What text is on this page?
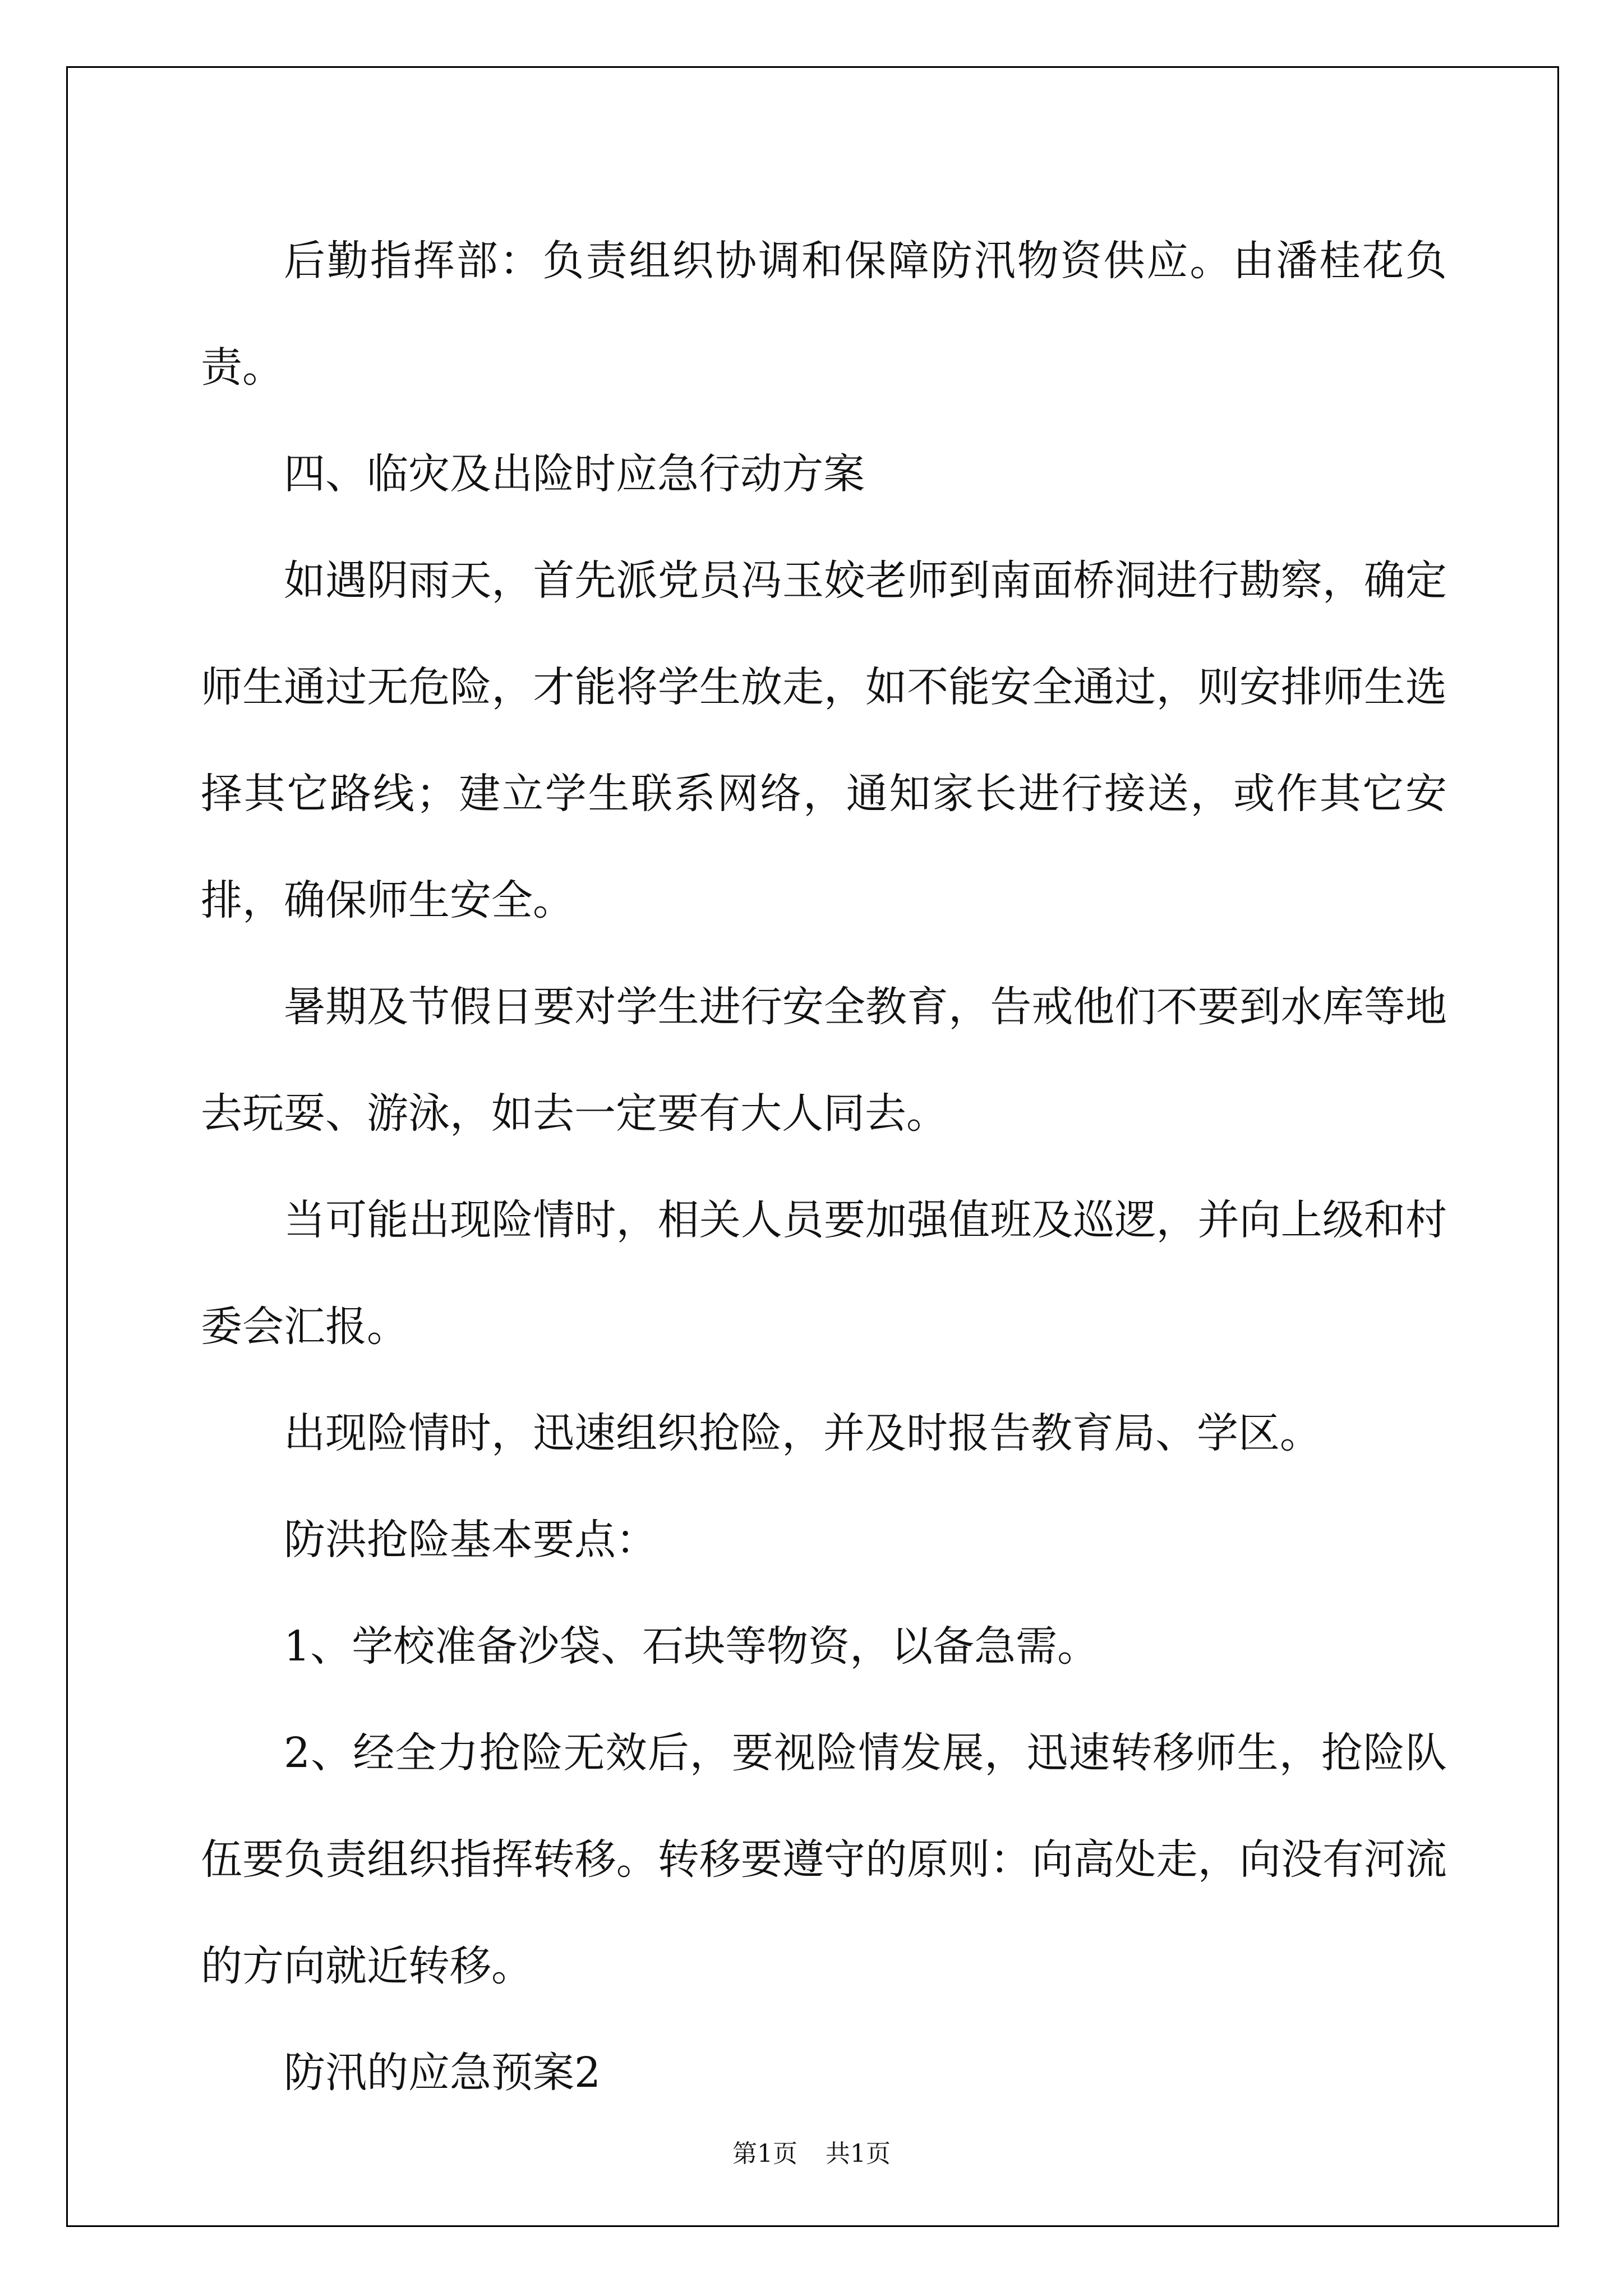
后勤指挥部：负责组织协调和保障防汛物资供应。由潘桂花负责。

四、临灾及出险时应急行动方案

如遇阴雨天，首先派党员冯玉姣老师到南面桥洞进行勘察，确定师生通过无危险，才能将学生放走，如不能安全通过，则安排师生选择其它路线；建立学生联系网络，通知家长进行接送，或作其它安排，确保师生安全。

暑期及节假日要对学生进行安全教育，告戒他们不要到水库等地去玩耍、游泳，如去一定要有大人同去。

当可能出现险情时，相关人员要加强值班及巡逻，并向上级和村委会汇报。

出现险情时，迅速组织抢险，并及时报告教育局、学区。

防洪抢险基本要点：

1、学校准备沙袋、石块等物资，以备急需。

2、经全力抢险无效后，要视险情发展，迅速转移师生，抢险队伍要负责组织指挥转移。转移要遵守的原则：向高处走，向没有河流的方向就近转移。

防汛的应急预案2

第1页 共1页
